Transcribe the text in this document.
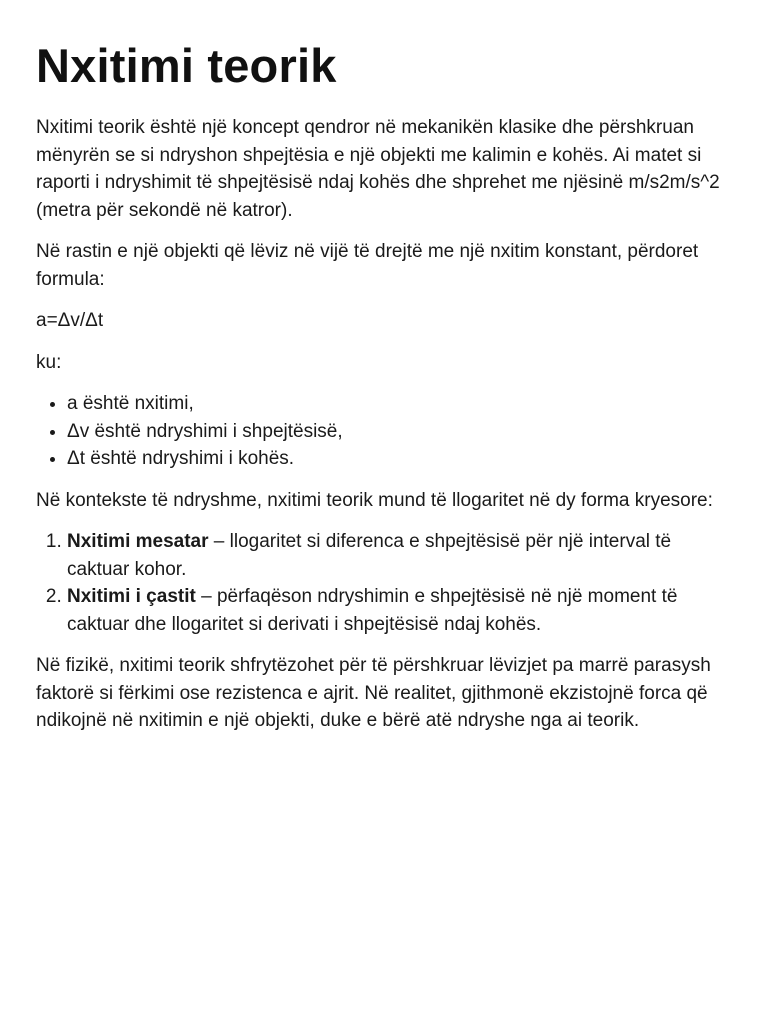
Nxitimi teorik

Nxitimi teorik është një koncept qendror në mekanikën klasike dhe përshkruan mënyrën se si ndryshon shpejtësia e një objekti me kalimin e kohës. Ai matet si raporti i ndryshimit të shpejtësisë ndaj kohës dhe shprehet me njësinë m/s2m/s^2 (metra për sekondë në katror).

Në rastin e një objekti që lëviz në vijë të drejtë me një nxitim konstant, përdoret formula:

a=Δv/Δt

ku:

• a është nxitimi,
• Δv është ndryshimi i shpejtësisë,
• Δt është ndryshimi i kohës.

Në kontekste të ndryshme, nxitimi teorik mund të llogaritet në dy forma kryesore:

1. Nxitimi mesatar – llogaritet si diferenca e shpejtësisë për një interval të caktuar kohor.
2. Nxitimi i çastit – përfaqëson ndryshimin e shpejtësisë në një moment të caktuar dhe llogaritet si derivati i shpejtësisë ndaj kohës.

Në fizikë, nxitimi teorik shfrytëzohet për të përshkruar lëvizjet pa marrë parasysh faktorë si fërkimi ose rezistenca e ajrit. Në realitet, gjithmonë ekzistojnë forca që ndikojnë në nxitimin e një objekti, duke e bërë atë ndryshe nga ai teorik.
